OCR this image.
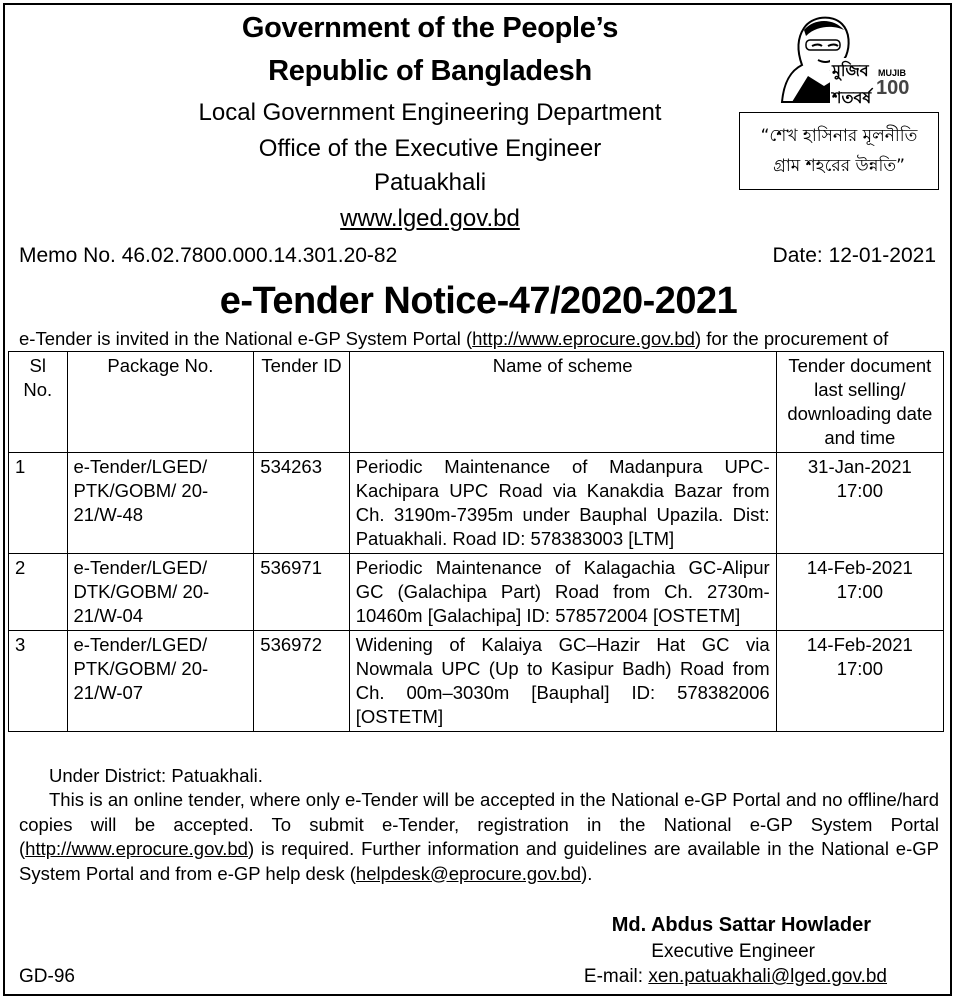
Government of the People’s
Republic of Bangladesh
Local Government Engineering Department
Office of the Executive Engineer
Patuakhali
www.lged.gov.bd
মুজিব শতবর্ষ
MUJIB
100
“শেখ হাসিনার মূলনীতি
গ্রাম শহরের উন্নতি”
Memo No. 46.02.7800.000.14.301.20-82	Date: 12-01-2021
e-Tender Notice-47/2020-2021
e-Tender is invited in the National e-GP System Portal (http://www.eprocure.gov.bd) for the procurement of
Sl No.	Package No.	Tender ID	Name of scheme	Tender document last selling/ downloading date and time
1	e-Tender/LGED/ PTK/GOBM/ 20-21/W-48	534263	Periodic Maintenance of Madanpura UPC-Kachipara UPC Road via Kanakdia Bazar from Ch. 3190m-7395m under Bauphal Upazila. Dist: Patuakhali. Road ID: 578383003 [LTM]	31-Jan-2021
17:00

2	e-Tender/LGED/ DTK/GOBM/ 20-21/W-04	536971	Periodic Maintenance of Kalagachia GC-Alipur GC (Galachipa Part) Road from Ch. 2730m-10460m [Galachipa] ID: 578572004 [OSTETM]	14-Feb-2021
17:00

3	e-Tender/LGED/ PTK/GOBM/ 20-21/W-07	536972	Widening of Kalaiya GC–Hazir Hat GC via Nowmala UPC (Up to Kasipur Badh) Road from Ch. 00m–3030m [Bauphal] ID: 578382006 [OSTETM]	14-Feb-2021
17:00
Under District: Patuakhali.
This is an online tender, where only e-Tender will be accepted in the National e-GP Portal and no offline/hard copies will be accepted. To submit e-Tender, registration in the National e-GP System Portal (http://www.eprocure.gov.bd) is required. Further information and guidelines are available in the National e-GP System Portal and from e-GP help desk (helpdesk@eprocure.gov.bd).
Md. Abdus Sattar Howlader
Executive Engineer
E-mail: xen.patuakhali@lged.gov.bd
GD-96
